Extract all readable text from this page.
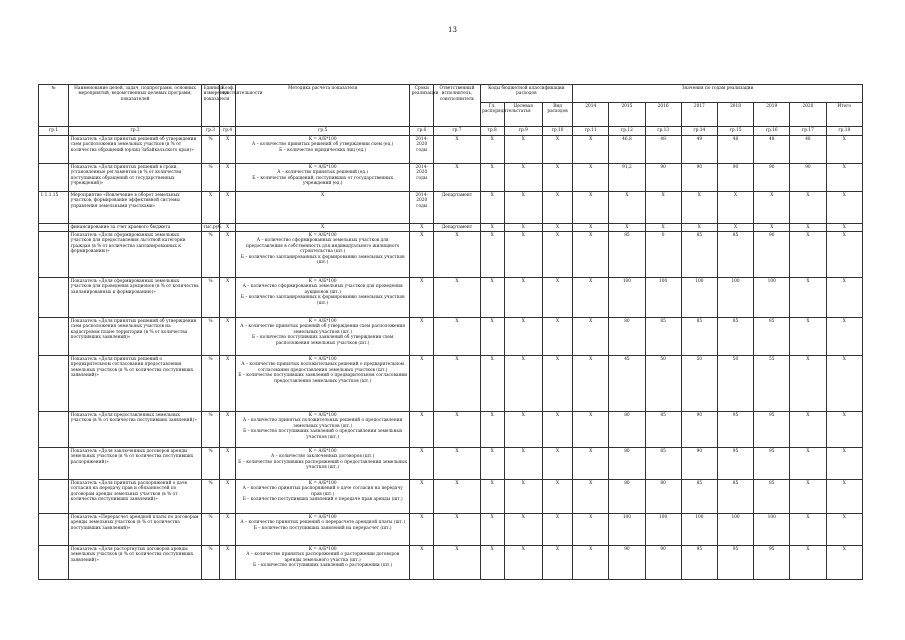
13
№	Наименование целей, задач, подпрограмм, основных мероприятий, ведомственных целевых программ, показателей	Единица измерения показателя	Коэф. чувствительности	Методика расчета показателя	Сроки реализации	Ответственный исполнитель, соисполнитель	Коды бюджетной классификации расходов			Значения по годам реализации							
							Гл. распорядитель	Целевая статья	Вид расходов	2014	2015	2016	2017	2018	2019	2020	Итого
гр.1	гр.2	гр.3	гр.4	гр.5	гр.6	гр.7	гр.8	гр.9	гр.10	гр.11	гр.12	гр.13	гр.14	гр.15	гр.16	гр.17	гр.18
	Показатель «Доля принятых решений об утверждении схем расположения земельных участков (в % от количества обращений юрлиц Забайкальского края)»	%	Х	К = А/Б*100
А – количество принятых решений об утверждении схем (ед.)
Б – количество юридических лиц (ед.)	2014-2020 годы	Х	Х	Х	Х	Х	46,8	48	49	48	48	48	Х
	Показатель «Доля принятых решений в сроки, установленные регламентом (в % от количества поступивших обращений от государственных учреждений)»	%	Х	К = А/Б*100
А – количество принятых решений (ед.)
Б – количество обращений, поступивших от государственных учреждений (ед.)	2014-2020 годы	Х	Х	Х	Х	Х	91,2	90	90	90	90	90	Х
1.1.1.15	Мероприятие «Вовлечение в оборот земельных участков, формирование эффективной системы управления земельными участками»	Х	Х	Х	2014-2020 годы	Департамент	Х	Х	Х	Х	Х	Х	Х	Х	Х	Х	Х
	финансирование за счет краевого бюджета	тыс.руб.	Х	Х	Х	Департамент	Х	Х	Х	Х	Х	Х	Х	Х	Х	Х	Х
	Показатель «Доля сформированных земельных участков для предоставления льготной категории граждан (в % от количества запланированных к формированию)»	%	Х	К = А/Б*100
А – количество сформированных земельных участков для предоставления в собственность для индивидуального жилищного строительства (шт.)
Б – количество запланированных к формированию земельных участков (шт.)	Х	Х	Х	Х	Х	Х	85	0	85	85	90	Х	Х
	Показатель «Доля сформированных земельных участков для проведения аукционов (в % от количества запланированных к формированию)»	%	Х	К = А/Б*100
А – количество сформированных земельных участков для проведения аукционов (шт.)
Б – количество запланированных к формированию земельных участков (шт.)	Х	Х	Х	Х	Х	Х	100	100	100	100	100	Х	Х
	Показатель «Доля принятых решений об утверждении схем расположения земельных участков на кадастровом плане территории (в % от количества поступивших заявлений)»	%	Х	К = А/Б*100
А – количество принятых решений об утверждении схем расположения земельных участков (шт.)
Б – количество поступивших заявлений об утверждении схем расположения земельных участков (шт.)	Х	Х	Х	Х	Х	Х	80	85	85	85	85	Х	Х
	Показатель «Доля принятых решений о предварительном согласовании предоставления земельных участков (в % от количества поступивших заявлений)»	%	Х	К = А/Б*100
А – количество принятых положительных решений о предварительном согласовании предоставления земельных участков (шт.)
Б – количество поступивших заявлений о предварительном согласовании предоставления земельных участков (шт.)	Х	Х	Х	Х	Х	Х	45	50	50	50	55	Х	Х
	Показатель «Доля предоставленных земельных участков (в % от количества поступивших заявлений)»	%	Х	К = А/Б*100
А – количество принятых положительных решений о предоставлении земельных участков (шт.)
Б – количество поступивших заявлений о предоставлении земельных участков (шт.)	Х	Х	Х	Х	Х	Х	80	85	90	95	95	Х	Х
	Показатель «Доля заключенных договоров аренды земельных участков (в % от количества поступивших распоряжений)»	%	Х	К = А/Б*100
А – количество заключенных договоров (шт.)
Б – количество поступивших распоряжений о предоставлении земельных участков (шт.)	Х	Х	Х	Х	Х	Х	80	85	90	95	95	Х	Х
	Показатель «Доля принятых распоряжений о даче согласия на передачу прав и обязанностей по договорам аренды земельных участков (в % от количества поступивших заявлений)»	%	Х	К = А/Б*100
А – количество принятых распоряжений о даче согласия на передачу прав (шт.)
Б – количество поступивших заявлений о передаче прав аренды (шт.)	Х	Х	Х	Х	Х	Х	80	80	85	85	85	Х	Х
	Показатель «Перерасчет арендной платы по договорам аренды земельных участков (в % от количества поступивших заявлений)»	%	Х	К = А/Б*100
А – количество принятых решений о перерасчете арендной платы (шт.)
Б – количество поступивших заявлений на перерасчет (шт.)	Х	Х	Х	Х	Х	Х	100	100	100	100	100	Х	Х
	Показатель «Доля расторгнутых договоров аренды земельных участков (в % от количества поступивших заявлений)»	%	Х	К = А/Б*100
А – количество принятых распоряжений о расторжении договоров аренды земельного участка (шт.)
Б – количество поступивших заявлений о расторжении (шт.)	Х	Х	Х	Х	Х	Х	90	90	95	95	95	Х	Х
